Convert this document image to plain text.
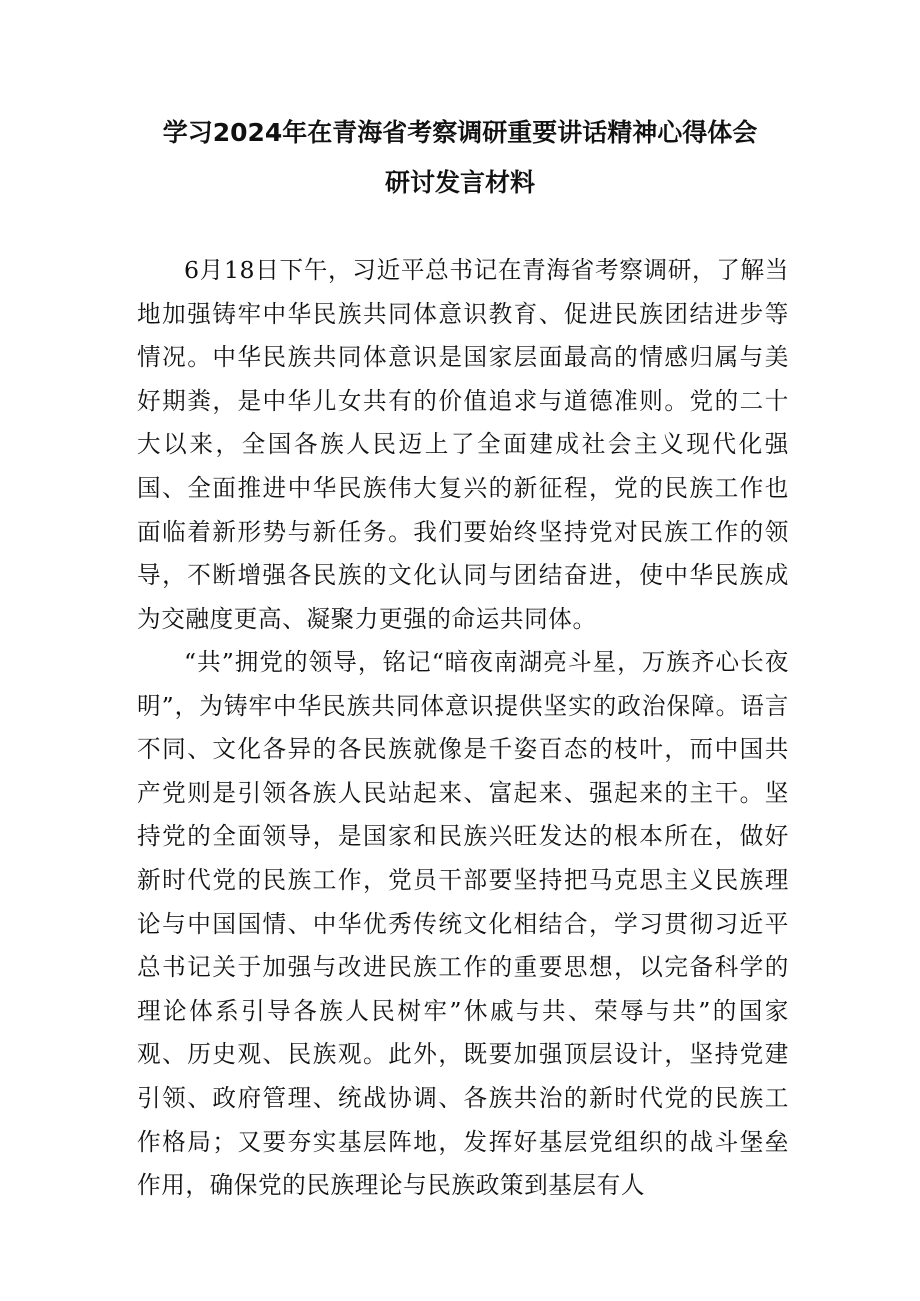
学习2024年在青海省考察调研重要讲话精神心得体会
研讨发言材料

6月18日下午，习近平总书记在青海省考察调研，了解当地加强铸牢中华民族共同体意识教育、促进民族团结进步等情况。中华民族共同体意识是国家层面最高的情感归属与美好期粪，是中华儿女共有的价值追求与道德准则。党的二十大以来，全国各族人民迈上了全面建成社会主义现代化强国、全面推进中华民族伟大复兴的新征程，党的民族工作也面临着新形势与新任务。我们要始终坚持党对民族工作的领导，不断增强各民族的文化认同与团结奋进，使中华民族成为交融度更高、凝聚力更强的命运共同体。

“共”拥党的领导，铭记“暗夜南湖亮斗星，万族齐心长夜明”，为铸牢中华民族共同体意识提供坚实的政治保障。语言不同、文化各异的各民族就像是千姿百态的枝叶，而中国共产党则是引领各族人民站起来、富起来、强起来的主干。坚持党的全面领导，是国家和民族兴旺发达的根本所在，做好新时代党的民族工作，党员干部要坚持把马克思主义民族理论与中国国情、中华优秀传统文化相结合，学习贯彻习近平总书记关于加强与改进民族工作的重要思想，以完备科学的理论体系引导各族人民树牢”休戚与共、荣辱与共”的国家观、历史观、民族观。此外，既要加强顶层设计，坚持党建引领、政府管理、统战协调、各族共治的新时代党的民族工作格局；又要夯实基层阵地，发挥好基层党组织的战斗堡垒作用，确保党的民族理论与民族政策到基层有人
